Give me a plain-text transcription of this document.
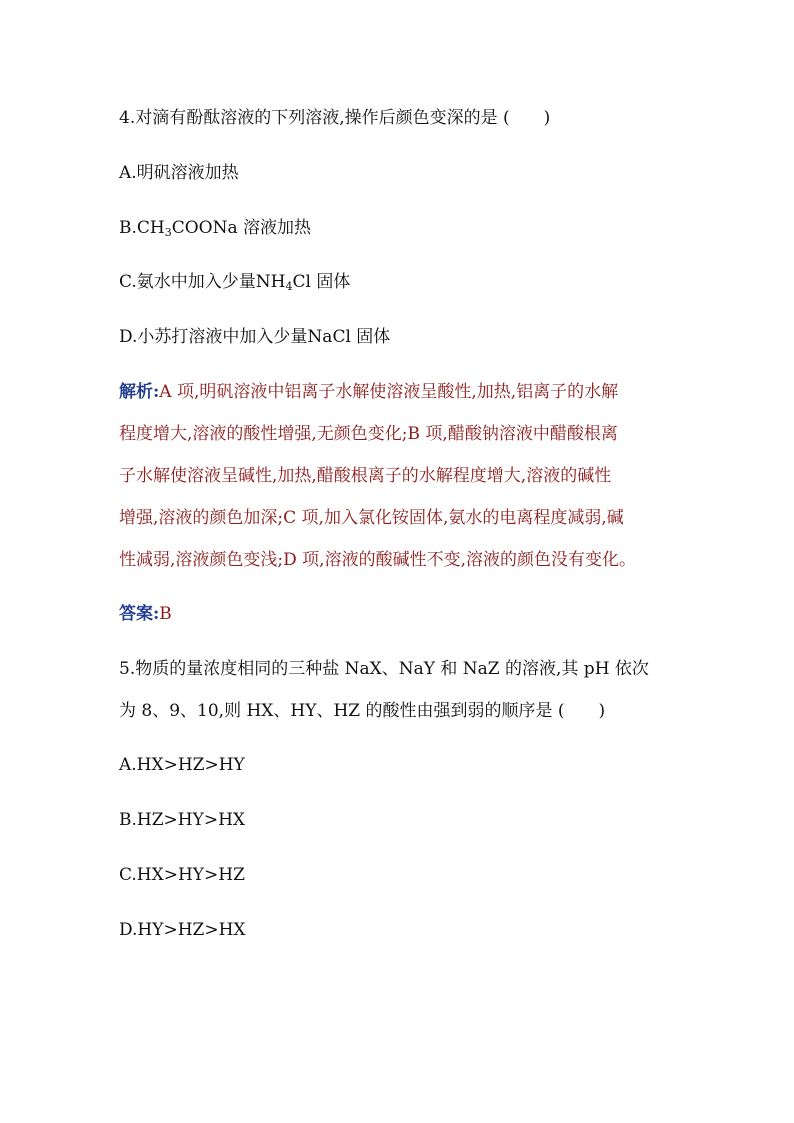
4.对滴有酚酞溶液的下列溶液,操作后颜色变深的是 (　　)
A.明矾溶液加热
$B.CH_3COONa$ 溶液加热
C.氨水中加入少量$NH_4Cl$ 固体
D.小苏打溶液中加入少量NaCl 固体
解析:A 项,明矾溶液中铝离子水解使溶液呈酸性,加热,铝离子的水解
程度增大,溶液的酸性增强,无颜色变化;B 项,醋酸钠溶液中醋酸根离
子水解使溶液呈碱性,加热,醋酸根离子的水解程度增大,溶液的碱性
增强,溶液的颜色加深;C 项,加入氯化铵固体,氨水的电离程度减弱,碱
性减弱,溶液颜色变浅;D 项,溶液的酸碱性不变,溶液的颜色没有变化。
答案:B
5.物质的量浓度相同的三种盐 NaX、NaY 和 NaZ 的溶液,其 pH 依次
为 8、9、10,则 HX、HY、HZ 的酸性由强到弱的顺序是 (　　)
A.HX>HZ>HY
B.HZ>HY>HX
C.HX>HY>HZ
D.HY>HZ>HX
